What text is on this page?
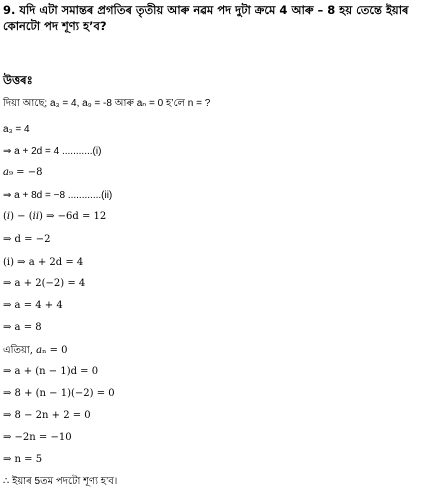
9. যদি এটা সমান্তৰ প্ৰগতিৰ তৃতীয় আৰু নৱম পদ দুটা ক্ৰমে 4 আৰু – 8 হয় তেন্তে ইয়াৰ কোনটো পদ শূণ্য হ’ব?
উত্তৰঃ
দিয়া আছে; a₃ = 4, a₉ = -8 আৰু aₙ = 0 হ’লে n = ?
a₃ = 4
⇒ a + 2d = 4 ...........(i)
𝑎₉ = −8
⇒ a + 8d = −8 ............(ii)
(𝑖) − (𝑖𝑖) ⇒ −6d = 12
⇒ d = −2
(i) ⇒ a + 2d = 4
⇒ a + 2(−2) = 4
⇒ a = 4 + 4
⇒ a = 8
এতিয়া, 𝑎ₙ = 0
⇒ a + (n − 1)d = 0
⇒ 8 + (n − 1)(−2) = 0
⇒ 8 − 2n + 2 = 0
⇒ −2n = −10
⇒ n = 5
∴ ইয়াৰ 5তম পদটো শূণ্য হ’ব।
